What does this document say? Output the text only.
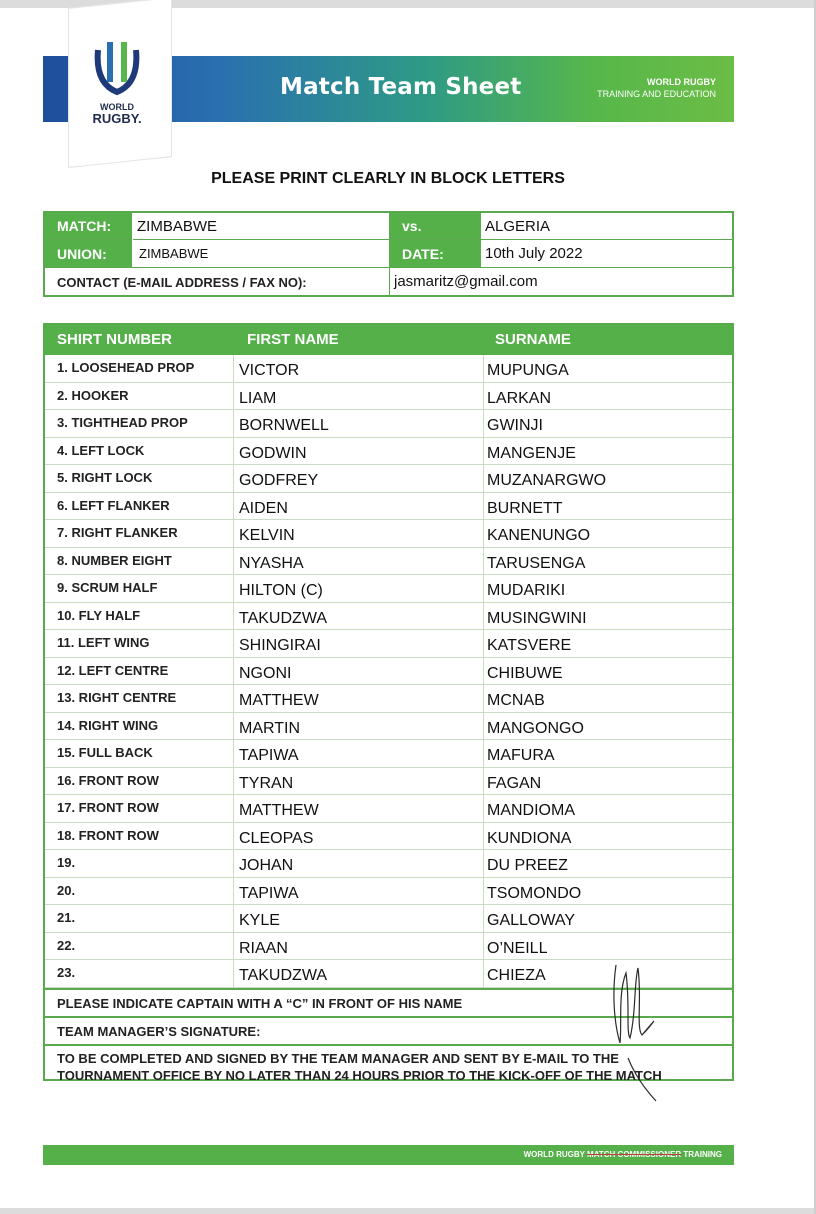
Match Team Sheet	WORLD RUGBY
TRAINING AND EDUCATION
WORLD
RUGBY.
PLEASE PRINT CLEARLY IN BLOCK LETTERS
MATCH:	ZIMBABWE	vs.	ALGERIA
UNION:	ZIMBABWE	DATE:	10th July 2022
CONTACT (E-MAIL ADDRESS / FAX NO):	jasmaritz@gmail.com
SHIRT NUMBER	FIRST NAME	SURNAME
1. LOOSEHEAD PROP	VICTOR	MUPUNGA
2. HOOKER	LIAM	LARKAN
3. TIGHTHEAD PROP	BORNWELL	GWINJI
4. LEFT LOCK	GODWIN	MANGENJE
5. RIGHT LOCK	GODFREY	MUZANARGWO
6. LEFT FLANKER	AIDEN	BURNETT
7. RIGHT FLANKER	KELVIN	KANENUNGO
8. NUMBER EIGHT	NYASHA	TARUSENGA
9. SCRUM HALF	HILTON (C)	MUDARIKI
10. FLY HALF	TAKUDZWA	MUSINGWINI
11. LEFT WING	SHINGIRAI	KATSVERE
12. LEFT CENTRE	NGONI	CHIBUWE
13. RIGHT CENTRE	MATTHEW	MCNAB
14. RIGHT WING	MARTIN	MANGONGO
15. FULL BACK	TAPIWA	MAFURA
16. FRONT ROW	TYRAN	FAGAN
17. FRONT ROW	MATTHEW	MANDIOMA
18. FRONT ROW	CLEOPAS	KUNDIONA
19.	JOHAN	DU PREEZ
20.	TAPIWA	TSOMONDO
21.	KYLE	GALLOWAY
22.	RIAAN	O’NEILL
23.	TAKUDZWA	CHIEZA
PLEASE INDICATE CAPTAIN WITH A “C” IN FRONT OF HIS NAME
TEAM MANAGER’S SIGNATURE:
TO BE COMPLETED AND SIGNED BY THE TEAM MANAGER AND SENT BY E-MAIL TO THE
TOURNAMENT OFFICE BY NO LATER THAN 24 HOURS PRIOR TO THE KICK-OFF OF THE MATCH
WORLD RUGBY MATCH COMMISSIONER TRAINING
